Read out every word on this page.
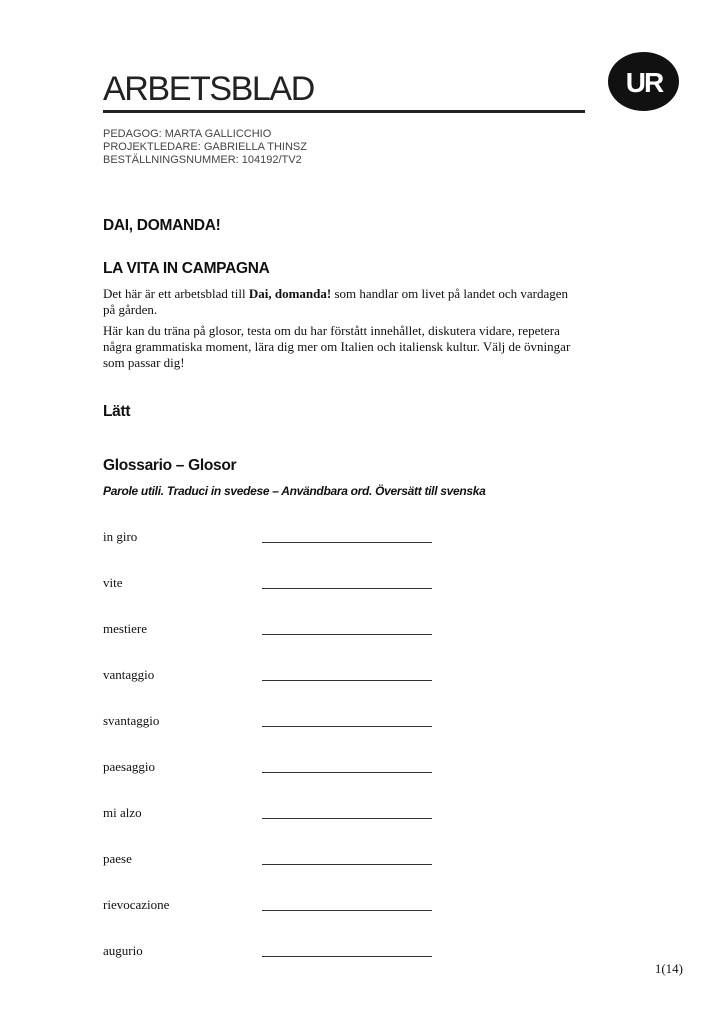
ARBETSBLAD	UR
PEDAGOG: MARTA GALLICCHIO
PROJEKTLEDARE: GABRIELLA THINSZ
BESTÄLLNINGSNUMMER: 104192/TV2
DAI, DOMANDA!
LA VITA IN CAMPAGNA

Det här är ett arbetsblad till Dai, domanda! som handlar om livet på landet och vardagen på gården.

Här kan du träna på glosor, testa om du har förstått innehållet, diskutera vidare, repetera några grammatiska moment, lära dig mer om Italien och italiensk kultur. Välj de övningar som passar dig!

Lätt
Glossario – Glosor

Parole utili. Traduci in svedese – Användbara ord. Översätt till svenska

in giro
vite
mestiere
vantaggio
svantaggio
paesaggio
mi alzo
paese
rievocazione
augurio
1(14)
